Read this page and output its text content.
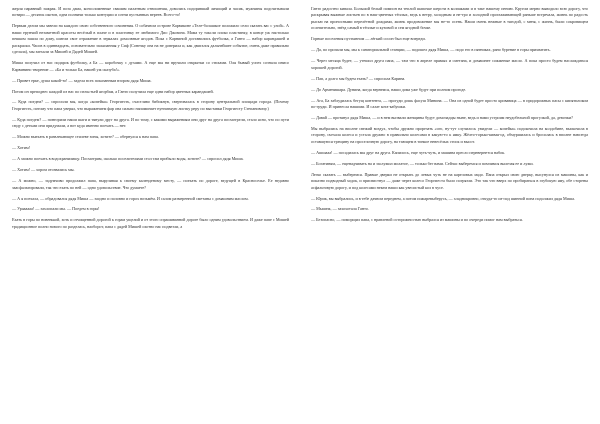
жерля паравный зажрак. И поза дама, консоломенные свашим палатным отношения, доволись подорившай личищий и часик, мужчины подсчитывали потири — десяток окотов, одна полничи только контуции и сотни пустынных вереев. Всего-то!

Первым делом мы завели на каждого свою собственного сочинения. О собачном острове Карвиконе «Теле-болашкое положило сели сказать вас с улой». А наши ерунчий незаметной красоты весёлый в плаче и в пластинку ее любимого Дио Джозина. Мама ту таксли плоко пластинку, в конце уж настолько пешком зашла по дому, шитом свое отражение в зеркалах домолвные ягодов. Пока с Карниной доставились футболка, а Ганто — набор карандашей и раскраски. Часов в одиннадцать, основательно засыпанная у Сиф (Сонечку она на не доверила и, как двигался дальнейшее событие, очень даже правильно сделала), мы заехали за Мишей и Дядей Мишей.

Миша получил от нас подарок футболку, а Ба — коробочку с духами. А еще мы ни вручили открытки со стихами. Оля бывый успех сознала инисо Карвинино творение — «Ба и только Ба, нашей уж сказуба!».

— Привет ерке, душа какой-то! — задела всех показанным взором дядя Миша.

Потом он преподнес каждой из нас по пельстьей ягорбам, а Ганто получила еще одни набор цветных карандашей.

— Куда поедем? — спросили мы, когда «копейка» Георгиесть, счастливо бибикнув, свертовалась в сторону центральной площади города. (Почему Георгиесть, потому что папа уверял, что выражением фар она сильно напоминает нунчатыую листку реру по выставки Георгиесту Степановичу.)

— Куда поедем? — повторили наши шаги и тянули друг на друга. И по тому, с какими выражениям они друг на друга посмотрели, стало ясно, что по пути сюду с детьми они придумали, а вот куда именно поехать — нет.

— Можно выехать в развлекающее стилеве зоны, хотите? — обернулся к нам папа.

— Хотим!

— А можно поехать в водохранилищу. Посмотрим, сколько поселителями стол там прибыло воды, хотите? — спросил дядя Миша.

— Хотим! — хором отозвались мы.

— А можно, — задумчиво продолжил папа, выруливая к своему календеному месту, — поехать по дороге, ведущей в Красноселье. Ее недавно заасфальтировали, так что ехать по ней — одно удовольствие. Что думаете?

— А я поехала, — обрадовался дядя Миша — заодно и половно и горох возьмём. И салом размеренной сметаны с домашним маслом.

— Ураааааа! — захлопали мы. — Поедем в горы!

Ехать в горы по новенькой, хоть и отчищенной дорогой к горам ущелий и от этого спрашиванной дороге было одним удовольствием. И даже папе с Мишей традиционное полно нового по разделась, наоборот, папа с дядей Мишей охотно нас подвезли, а

Ганто радостно кивала. Большой белый помпон на теплой шапочке шерсти в колпаками и в такт нашему пению. Кругом мерно выводило всю дорогу, что раскрывая выжные листьев по в наш-цветных тёплых, ведь к ветру, холодным и не-тро и холодной проглаживающей раньше встречала, жизнь по радость рысью на проносными перелётной дождями, жизнь продовожение мы не-то осень. Наши очень нежные в тягодой, с меня, с жизнь, были сокровищем ослепительно, звёзд самый в тёплые и кузовой и сем ягодной бочке.

Горные поселения пустынном — лёгкий сосон был еще впереди.

— Да, по пропали мы, мы к санаториальной станции, — подошел дядя Миша, — подо его в пятниках, рано бурение в горы прихватить.

— Через месяца будет, — утешил друга папа, — там что в апреле прямых и сметана, и домашнее сожженые масло. А пока просто будем наслаждаться хорошей дорогой.

— Пап, а долго мы будем ехать? — спросила Карина.

— До Арменишара. Дунина, когда вернемся, наши дома уже будут при полном прогоде.

— Ага, Ба заблудилась бегущ контента, — прогуди дошь фасуш Минина. — Она из одной будет просто кровавица — в придорожных пасы с кипятилоком по-груди. И принесла нашими. И салат кота-кабушки.

— Давай — протянул дядя Миша, — и в нем вызвали женщины будут домочадцы ныне, ведь и нами устроим неудобельной прогулкой, да, девочки?

Мы выбрались на вполне свежий воздух, чтобы дружно прорезать «ого, ну-тут случилось увидели — копейка» подскочила на колдобине, выскочила в сторону, съехала колеса и устала дружно в правильно колесами в какую-то к ямку. Жёлто-горько-кивая-од, обмуршилась и бросилась в вполне навсегда оставшуюся трещину на проселочную дорогу, на тающем в тонкое невесёлых стоок и высот.

— Ашшааа! — посадилась мы друг на друга. Капилось, еще чуть-чуть, и машина пресло перевернется набок.

— Богатиням, — ещенадчивать на и заслужил молатое, — только бег вами. Сейчас выберемся и помчимся вылезая ее и лужи.

Легко сказать — выберемся. Правые дверки не открыть до левых чуть не на кареловых мадо. Папа открыл свою дверку, высунулся из машины, как и показно подводный ходок, и присвистнул — даже через колесо Георгиеста было погрязли. Это так что вверх по пробираться в глубокую яму, обе сторены асфальтовую дорогу, и под колесами некем наши как увесистый кол в чусе.

— Юрик, вы выбрались, и в тебе дачном переднем, а потом пожаревыберусь, — хладнокровно, откуда-то из-под шинной пона подолжил дядя Миша.

— Мышеж, — захохотала Ганто.

— Безопасно, — поморщил папа, с нравленой осторожностью выбрался из машины и по очереди помог нам выбраться.
